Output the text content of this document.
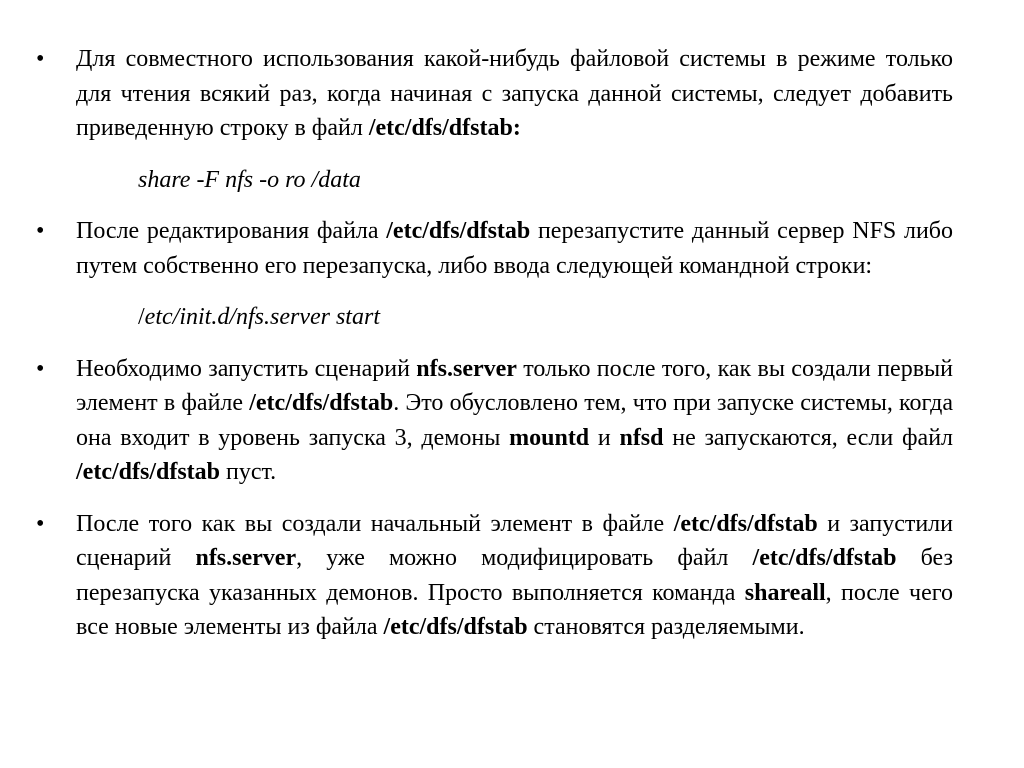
• Для совместного использования какой-нибудь файловой системы в режиме только для чтения всякий раз, когда начиная с запуска данной системы, следует добавить приведенную строку в файл /etc/dfs/dfstab:

share -F nfs -o ro /data

• После редактирования файла /etc/dfs/dfstab перезапустите данный сервер NFS либо путем собственно его перезапуска, либо ввода следующей командной строки:

/etc/init.d/nfs.server start

• Необходимо запустить сценарий nfs.server только после того, как вы создали первый элемент в файле /etc/dfs/dfstab. Это обусловлено тем, что при запуске системы, когда она входит в уровень запуска 3, демоны mountd и nfsd не запускаются, если файл /etc/dfs/dfstab пуст.

• После того как вы создали начальный элемент в файле /etc/dfs/dfstab и запустили сценарий nfs.server, уже можно модифицировать файл /etc/dfs/dfstab без перезапуска указанных демонов. Просто выполняется команда shareall, после чего все новые элементы из файла /etc/dfs/dfstab становятся разделяемыми.
